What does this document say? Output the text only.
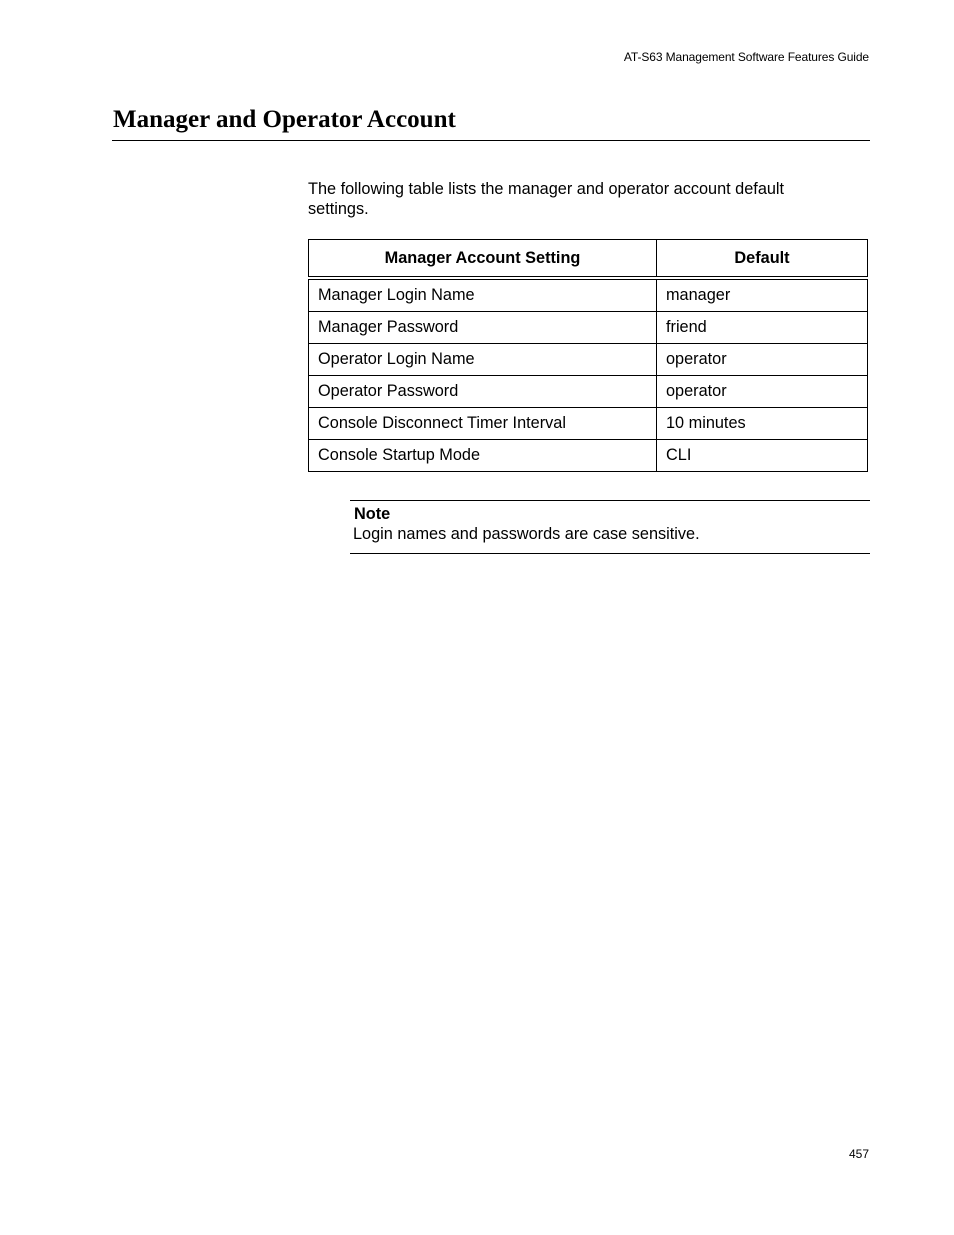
AT-S63 Management Software Features Guide
Manager and Operator Account

The following table lists the manager and operator account default settings.

Manager Account Setting	Default
Manager Login Name	manager
Manager Password	friend
Operator Login Name	operator
Operator Password	operator
Console Disconnect Timer Interval	10 minutes
Console Startup Mode	CLI
Note
Login names and passwords are case sensitive.
457
